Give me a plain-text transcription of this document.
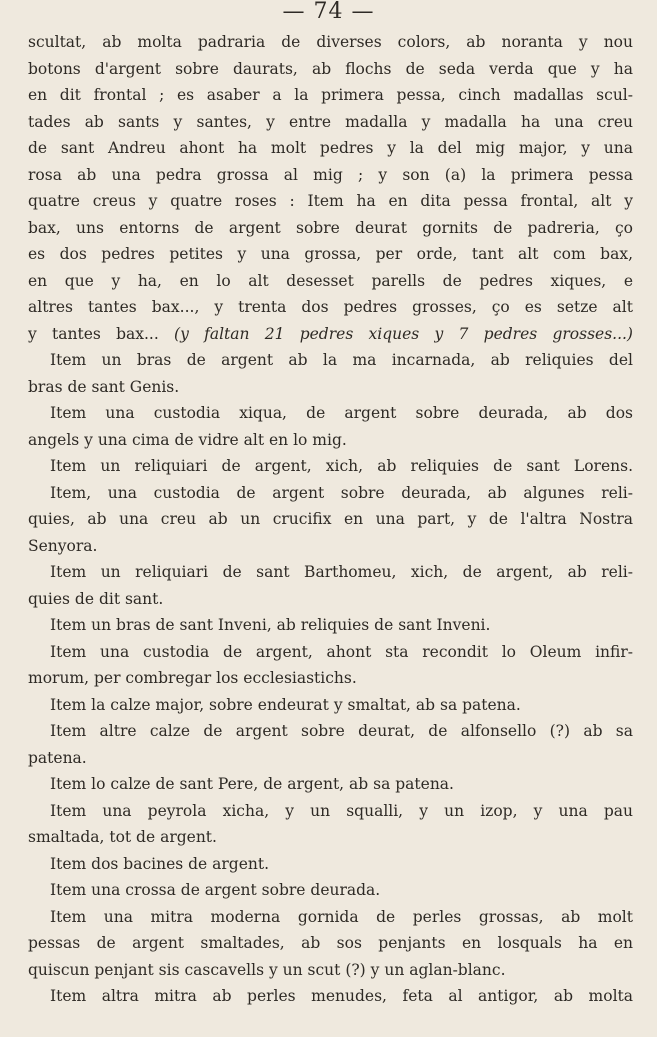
— 74 —
scultat, ab molta padraria de diverses colors, ab noranta y nou
botons d'argent sobre daurats, ab flochs de seda verda que y ha
en dit frontal ; es asaber a la primera pessa, cinch madallas scul-
tades ab sants y santes, y entre madalla y madalla ha una creu
de sant Andreu ahont ha molt pedres y la del mig major, y una
rosa ab una pedra grossa al mig ; y son (a) la primera pessa
quatre creus y quatre roses : Item ha en dita pessa frontal, alt y
bax, uns entorns de argent sobre deurat gornits de padreria, ço
es dos pedres petites y una grossa, per orde, tant alt com bax,
en que y ha, en lo alt desesset parells de pedres xiques, e
altres tantes bax..., y trenta dos pedres grosses, ço es setze alt
y tantes bax... (y faltan 21 pedres xiques y 7 pedres grosses...)
Item un bras de argent ab la ma incarnada, ab reliquies del
bras de sant Genis.
Item una custodia xiqua, de argent sobre deurada, ab dos
angels y una cima de vidre alt en lo mig.
Item un reliquiari de argent, xich, ab reliquies de sant Lorens.
Item, una custodia de argent sobre deurada, ab algunes reli-
quies, ab una creu ab un crucifix en una part, y de l'altra Nostra
Senyora.
Item un reliquiari de sant Barthomeu, xich, de argent, ab reli-
quies de dit sant.
Item un bras de sant Inveni, ab reliquies de sant Inveni.
Item una custodia de argent, ahont sta recondit lo Oleum infir-
morum, per combregar los ecclesiastichs.
Item la calze major, sobre endeurat y smaltat, ab sa patena.
Item altre calze de argent sobre deurat, de alfonsello (?) ab sa
patena.
Item lo calze de sant Pere, de argent, ab sa patena.
Item una peyrola xicha, y un squalli, y un izop, y una pau
smaltada, tot de argent.
Item dos bacines de argent.
Item una crossa de argent sobre deurada.
Item una mitra moderna gornida de perles grossas, ab molt
pessas de argent smaltades, ab sos penjants en losquals ha en
quiscun penjant sis cascavells y un scut (?) y un aglan-blanc.
Item altra mitra ab perles menudes, feta al antigor, ab molta
